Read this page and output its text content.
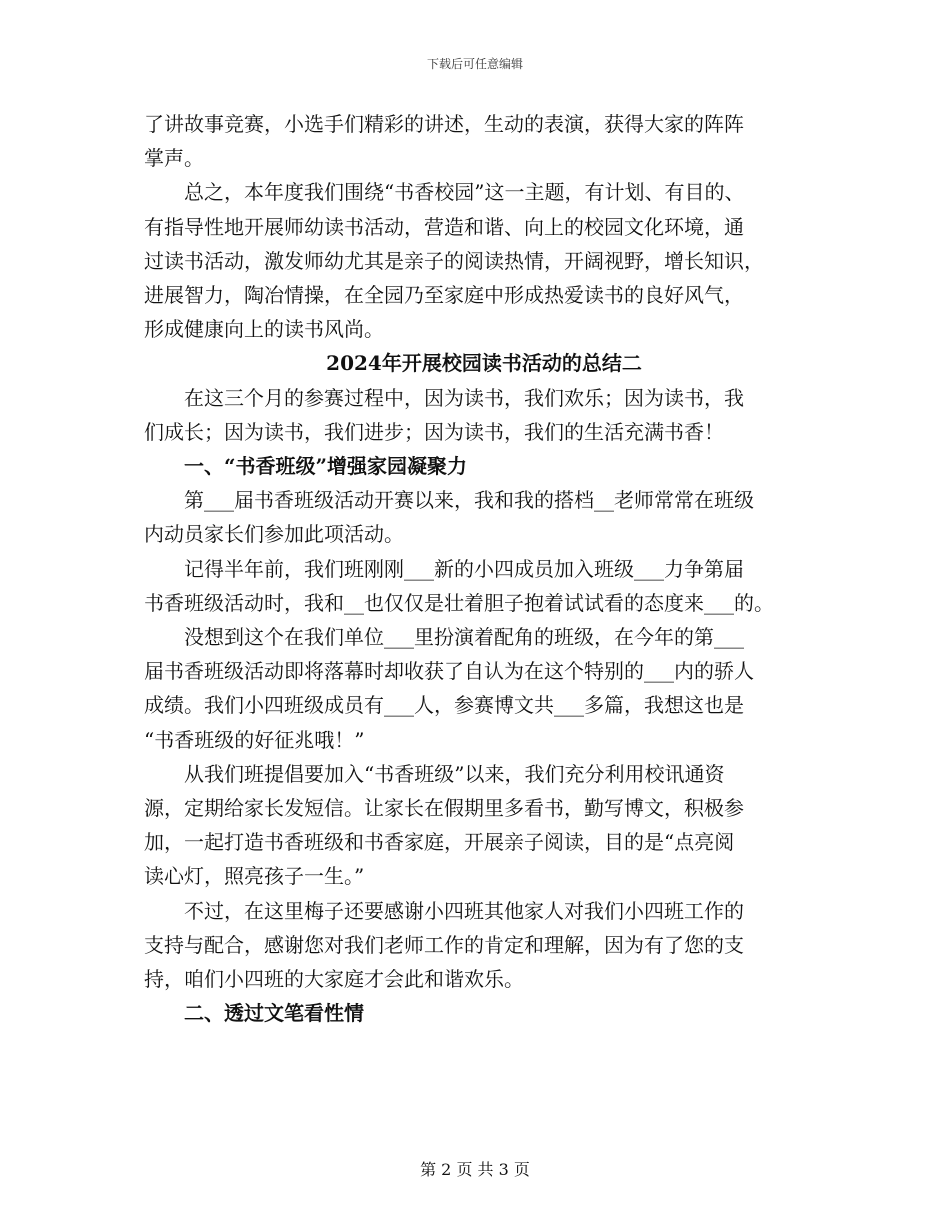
下载后可任意编辑

了讲故事竞赛，小选手们精彩的讲述，生动的表演，获得大家的阵阵

掌声。

总之，本年度我们围绕“书香校园”这一主题，有计划、有目的、

有指导性地开展师幼读书活动，营造和谐、向上的校园文化环境，通

过读书活动，激发师幼尤其是亲子的阅读热情，开阔视野，增长知识，

进展智力，陶冶情操，在全园乃至家庭中形成热爱读书的良好风气，

形成健康向上的读书风尚。

2024年开展校园读书活动的总结二

在这三个月的参赛过程中，因为读书，我们欢乐；因为读书，我

们成长；因为读书，我们进步；因为读书，我们的生活充满书香！

一、“书香班级”增强家园凝聚力

第___届书香班级活动开赛以来，我和我的搭档__老师常常在班级

内动员家长们参加此项活动。

记得半年前，我们班刚刚___新的小四成员加入班级___力争第届

书香班级活动时，我和__也仅仅是壮着胆子抱着试试看的态度来___的。

没想到这个在我们单位___里扮演着配角的班级，在今年的第___

届书香班级活动即将落幕时却收获了自认为在这个特别的___内的骄人

成绩。我们小四班级成员有___人，参赛博文共___多篇，我想这也是

“书香班级的好征兆哦！”

从我们班提倡要加入“书香班级”以来，我们充分利用校讯通资

源，定期给家长发短信。让家长在假期里多看书，勤写博文，积极参

加，一起打造书香班级和书香家庭，开展亲子阅读，目的是“点亮阅

读心灯，照亮孩子一生。”

不过，在这里梅子还要感谢小四班其他家人对我们小四班工作的

支持与配合，感谢您对我们老师工作的肯定和理解，因为有了您的支

持，咱们小四班的大家庭才会此和谐欢乐。

二、透过文笔看性情

第 2 页 共 3 页
